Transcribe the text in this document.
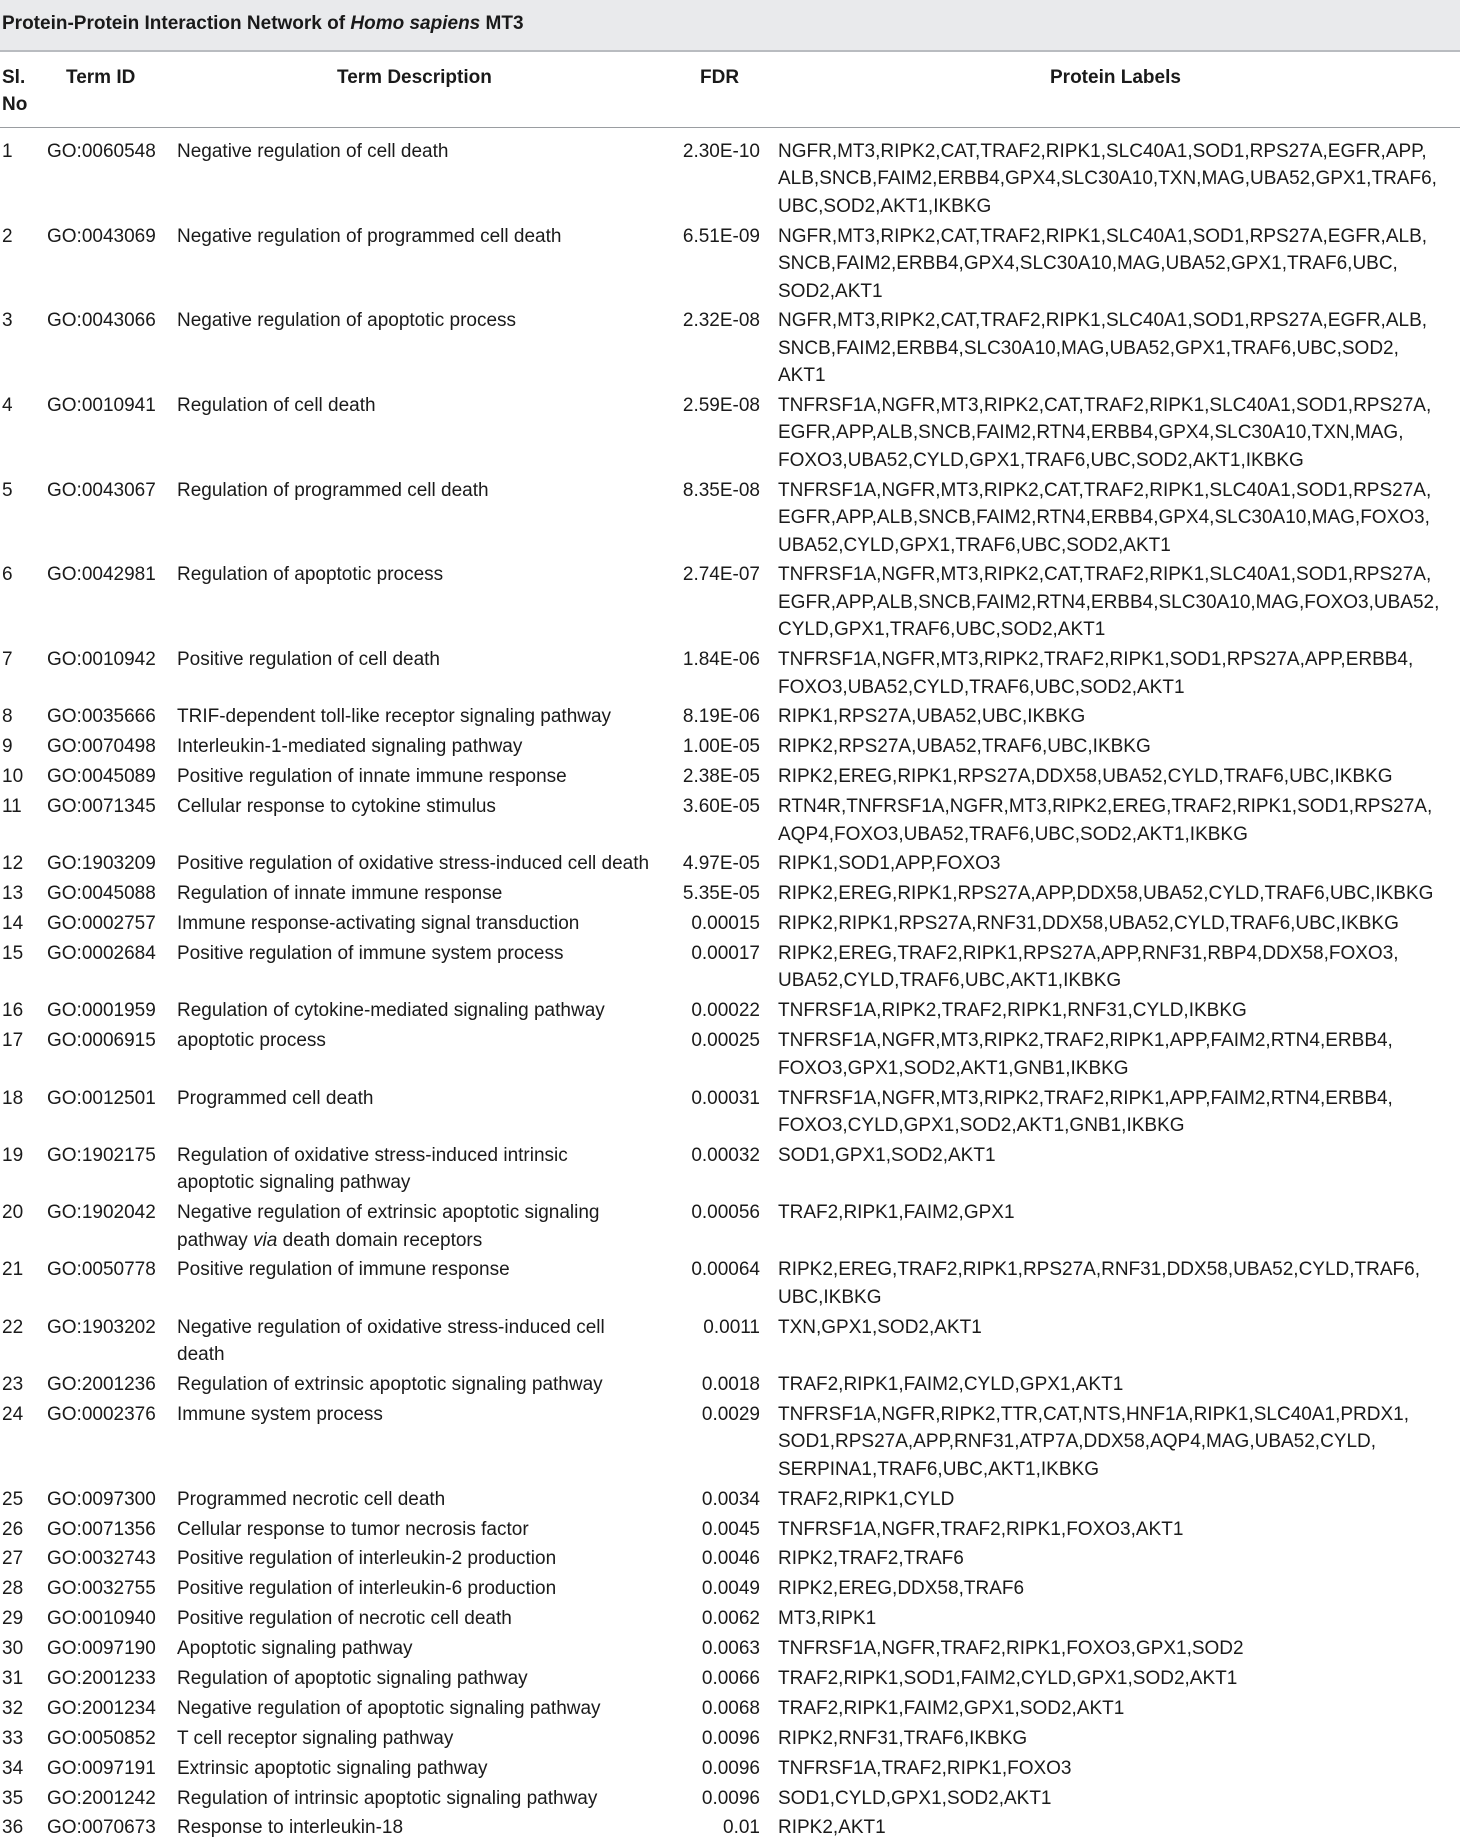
Protein-Protein Interaction Network of Homo sapiens MT3
Sl.
No
Term ID	Term Description	FDR	Protein Labels
1	GO:0060548	Negative regulation of cell death	2.30E-10 NGFR,MT3,RIPK2,CAT,TRAF2,RIPK1,SLC40A1,SOD1,RPS27A,EGFR,APP,
ALB,SNCB,FAIM2,ERBB4,GPX4,SLC30A10,TXN,MAG,UBA52,GPX1,TRAF6,
UBC,SOD2,AKT1,IKBKG
2	GO:0043069	Negative regulation of programmed cell death	6.51E-09 NGFR,MT3,RIPK2,CAT,TRAF2,RIPK1,SLC40A1,SOD1,RPS27A,EGFR,ALB,
SNCB,FAIM2,ERBB4,GPX4,SLC30A10,MAG,UBA52,GPX1,TRAF6,UBC,
SOD2,AKT1
3	GO:0043066	Negative regulation of apoptotic process	2.32E-08 NGFR,MT3,RIPK2,CAT,TRAF2,RIPK1,SLC40A1,SOD1,RPS27A,EGFR,ALB,
SNCB,FAIM2,ERBB4,SLC30A10,MAG,UBA52,GPX1,TRAF6,UBC,SOD2,
AKT1
4	GO:0010941	Regulation of cell death	2.59E-08 TNFRSF1A,NGFR,MT3,RIPK2,CAT,TRAF2,RIPK1,SLC40A1,SOD1,RPS27A,
EGFR,APP,ALB,SNCB,FAIM2,RTN4,ERBB4,GPX4,SLC30A10,TXN,MAG,
FOXO3,UBA52,CYLD,GPX1,TRAF6,UBC,SOD2,AKT1,IKBKG
5	GO:0043067	Regulation of programmed cell death	8.35E-08 TNFRSF1A,NGFR,MT3,RIPK2,CAT,TRAF2,RIPK1,SLC40A1,SOD1,RPS27A,
EGFR,APP,ALB,SNCB,FAIM2,RTN4,ERBB4,GPX4,SLC30A10,MAG,FOXO3,
UBA52,CYLD,GPX1,TRAF6,UBC,SOD2,AKT1
6	GO:0042981	Regulation of apoptotic process	2.74E-07 TNFRSF1A,NGFR,MT3,RIPK2,CAT,TRAF2,RIPK1,SLC40A1,SOD1,RPS27A,
EGFR,APP,ALB,SNCB,FAIM2,RTN4,ERBB4,SLC30A10,MAG,FOXO3,UBA52,
CYLD,GPX1,TRAF6,UBC,SOD2,AKT1
7	GO:0010942	Positive regulation of cell death	1.84E-06 TNFRSF1A,NGFR,MT3,RIPK2,TRAF2,RIPK1,SOD1,RPS27A,APP,ERBB4,
FOXO3,UBA52,CYLD,TRAF6,UBC,SOD2,AKT1
8	GO:0035666	TRIF-dependent toll-like receptor signaling pathway	8.19E-06 RIPK1,RPS27A,UBA52,UBC,IKBKG
9	GO:0070498	Interleukin-1-mediated signaling pathway	1.00E-05 RIPK2,RPS27A,UBA52,TRAF6,UBC,IKBKG
10	GO:0045089	Positive regulation of innate immune response	2.38E-05 RIPK2,EREG,RIPK1,RPS27A,DDX58,UBA52,CYLD,TRAF6,UBC,IKBKG
11	GO:0071345	Cellular response to cytokine stimulus	3.60E-05 RTN4R,TNFRSF1A,NGFR,MT3,RIPK2,EREG,TRAF2,RIPK1,SOD1,RPS27A,
AQP4,FOXO3,UBA52,TRAF6,UBC,SOD2,AKT1,IKBKG
12	GO:1903209	Positive regulation of oxidative stress-induced cell death	4.97E-05 RIPK1,SOD1,APP,FOXO3
13	GO:0045088	Regulation of innate immune response	5.35E-05 RIPK2,EREG,RIPK1,RPS27A,APP,DDX58,UBA52,CYLD,TRAF6,UBC,IKBKG
14	GO:0002757	Immune response-activating signal transduction	0.00015 RIPK2,RIPK1,RPS27A,RNF31,DDX58,UBA52,CYLD,TRAF6,UBC,IKBKG
15	GO:0002684	Positive regulation of immune system process	0.00017 RIPK2,EREG,TRAF2,RIPK1,RPS27A,APP,RNF31,RBP4,DDX58,FOXO3,
UBA52,CYLD,TRAF6,UBC,AKT1,IKBKG
16	GO:0001959	Regulation of cytokine-mediated signaling pathway	0.00022 TNFRSF1A,RIPK2,TRAF2,RIPK1,RNF31,CYLD,IKBKG
17	GO:0006915	apoptotic process	0.00025 TNFRSF1A,NGFR,MT3,RIPK2,TRAF2,RIPK1,APP,FAIM2,RTN4,ERBB4,
FOXO3,GPX1,SOD2,AKT1,GNB1,IKBKG
18	GO:0012501	Programmed cell death	0.00031 TNFRSF1A,NGFR,MT3,RIPK2,TRAF2,RIPK1,APP,FAIM2,RTN4,ERBB4,
FOXO3,CYLD,GPX1,SOD2,AKT1,GNB1,IKBKG
19	GO:1902175	Regulation of oxidative stress-induced intrinsic
apoptotic signaling pathway
0.00032 SOD1,GPX1,SOD2,AKT1
20	GO:1902042	Negative regulation of extrinsic apoptotic signaling
pathway via death domain receptors
0.00056 TRAF2,RIPK1,FAIM2,GPX1
21	GO:0050778	Positive regulation of immune response	0.00064 RIPK2,EREG,TRAF2,RIPK1,RPS27A,RNF31,DDX58,UBA52,CYLD,TRAF6,
UBC,IKBKG
22	GO:1903202	Negative regulation of oxidative stress-induced cell
death
0.0011 TXN,GPX1,SOD2,AKT1
23	GO:2001236	Regulation of extrinsic apoptotic signaling pathway	0.0018 TRAF2,RIPK1,FAIM2,CYLD,GPX1,AKT1
24	GO:0002376	Immune system process	0.0029 TNFRSF1A,NGFR,RIPK2,TTR,CAT,NTS,HNF1A,RIPK1,SLC40A1,PRDX1,
SOD1,RPS27A,APP,RNF31,ATP7A,DDX58,AQP4,MAG,UBA52,CYLD,
SERPINA1,TRAF6,UBC,AKT1,IKBKG
25	GO:0097300	Programmed necrotic cell death	0.0034 TRAF2,RIPK1,CYLD
26	GO:0071356	Cellular response to tumor necrosis factor	0.0045 TNFRSF1A,NGFR,TRAF2,RIPK1,FOXO3,AKT1
27	GO:0032743	Positive regulation of interleukin-2 production	0.0046 RIPK2,TRAF2,TRAF6
28	GO:0032755	Positive regulation of interleukin-6 production	0.0049 RIPK2,EREG,DDX58,TRAF6
29	GO:0010940	Positive regulation of necrotic cell death	0.0062 MT3,RIPK1
30	GO:0097190	Apoptotic signaling pathway	0.0063 TNFRSF1A,NGFR,TRAF2,RIPK1,FOXO3,GPX1,SOD2
31	GO:2001233	Regulation of apoptotic signaling pathway	0.0066 TRAF2,RIPK1,SOD1,FAIM2,CYLD,GPX1,SOD2,AKT1
32	GO:2001234	Negative regulation of apoptotic signaling pathway	0.0068 TRAF2,RIPK1,FAIM2,GPX1,SOD2,AKT1
33	GO:0050852	T cell receptor signaling pathway	0.0096 RIPK2,RNF31,TRAF6,IKBKG
34	GO:0097191	Extrinsic apoptotic signaling pathway	0.0096 TNFRSF1A,TRAF2,RIPK1,FOXO3
35	GO:2001242	Regulation of intrinsic apoptotic signaling pathway	0.0096 SOD1,CYLD,GPX1,SOD2,AKT1
36	GO:0070673	Response to interleukin-18	0.01 RIPK2,AKT1
